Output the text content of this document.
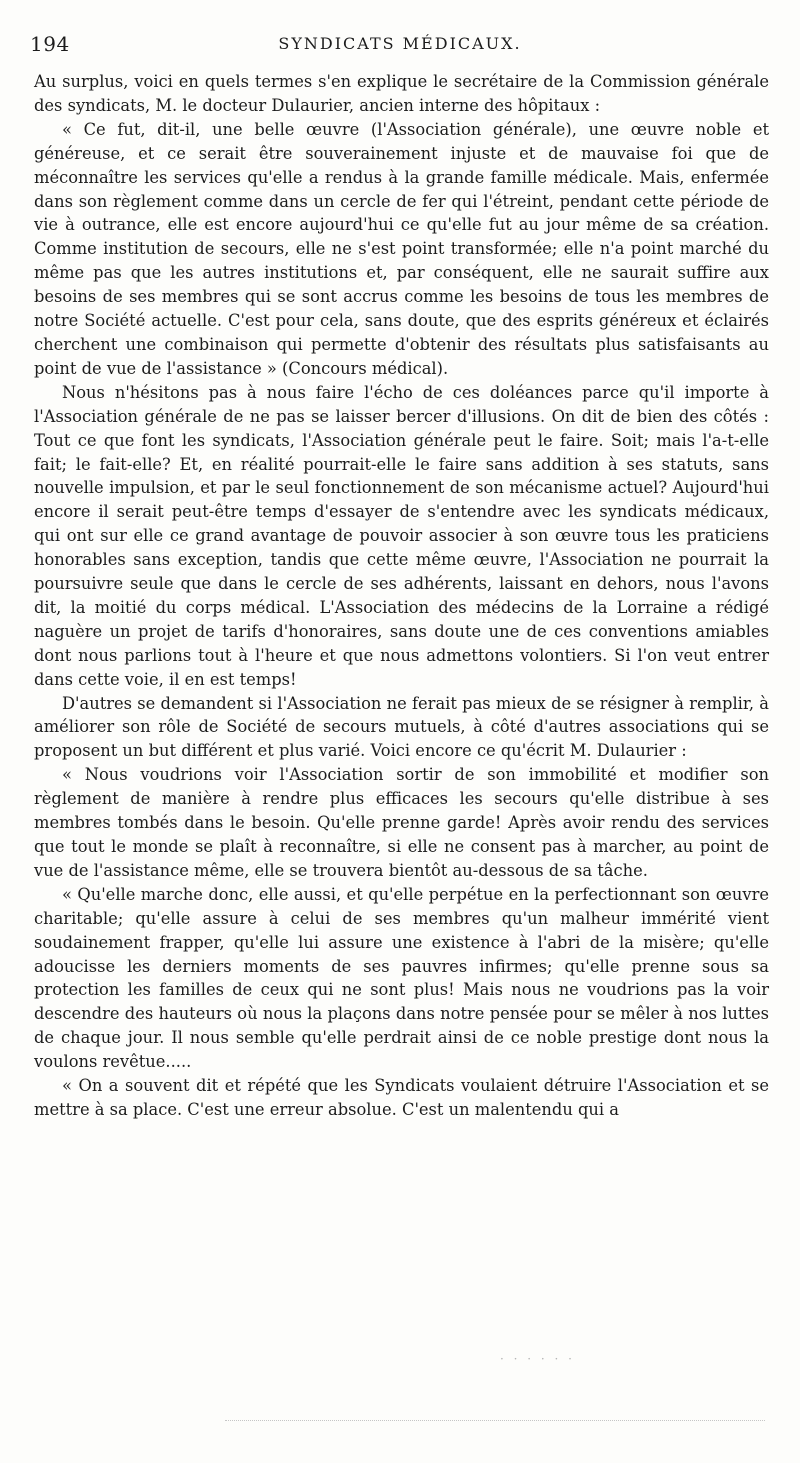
194	SYNDICATS MÉDICAUX.

Au surplus, voici en quels termes s'en explique le secrétaire de la Commission générale des syndicats, M. le docteur Dulaurier, ancien interne des hôpitaux :

« Ce fut, dit-il, une belle œuvre (l'Association générale), une œuvre noble et généreuse, et ce serait être souverainement injuste et de mauvaise foi que de méconnaître les services qu'elle a rendus à la grande famille médicale. Mais, enfermée dans son règlement comme dans un cercle de fer qui l'étreint, pendant cette période de vie à outrance, elle est encore aujourd'hui ce qu'elle fut au jour même de sa création. Comme institution de secours, elle ne s'est point transformée; elle n'a point marché du même pas que les autres institutions et, par conséquent, elle ne saurait suffire aux besoins de ses membres qui se sont accrus comme les besoins de tous les membres de notre Société actuelle. C'est pour cela, sans doute, que des esprits généreux et éclairés cherchent une combinaison qui permette d'obtenir des résultats plus satisfaisants au point de vue de l'assistance » (Concours médical).

Nous n'hésitons pas à nous faire l'écho de ces doléances parce qu'il importe à l'Association générale de ne pas se laisser bercer d'illusions. On dit de bien des côtés : Tout ce que font les syndicats, l'Association générale peut le faire. Soit; mais l'a-t-elle fait; le fait-elle? Et, en réalité pourrait-elle le faire sans addition à ses statuts, sans nouvelle impulsion, et par le seul fonctionnement de son mécanisme actuel? Aujourd'hui encore il serait peut-être temps d'essayer de s'entendre avec les syndicats médicaux, qui ont sur elle ce grand avantage de pouvoir associer à son œuvre tous les praticiens honorables sans exception, tandis que cette même œuvre, l'Association ne pourrait la poursuivre seule que dans le cercle de ses adhérents, laissant en dehors, nous l'avons dit, la moitié du corps médical. L'Association des médecins de la Lorraine a rédigé naguère un projet de tarifs d'honoraires, sans doute une de ces conventions amiables dont nous parlions tout à l'heure et que nous admettons volontiers. Si l'on veut entrer dans cette voie, il en est temps!

D'autres se demandent si l'Association ne ferait pas mieux de se résigner à remplir, à améliorer son rôle de Société de secours mutuels, à côté d'autres associations qui se proposent un but différent et plus varié. Voici encore ce qu'écrit M. Dulaurier :

« Nous voudrions voir l'Association sortir de son immobilité et modifier son règlement de manière à rendre plus efficaces les secours qu'elle distribue à ses membres tombés dans le besoin. Qu'elle prenne garde! Après avoir rendu des services que tout le monde se plaît à reconnaître, si elle ne consent pas à marcher, au point de vue de l'assistance même, elle se trouvera bientôt au-dessous de sa tâche.

« Qu'elle marche donc, elle aussi, et qu'elle perpétue en la perfectionnant son œuvre charitable; qu'elle assure à celui de ses membres qu'un malheur immérité vient soudainement frapper, qu'elle lui assure une existence à l'abri de la misère; qu'elle adoucisse les derniers moments de ses pauvres infirmes; qu'elle prenne sous sa protection les familles de ceux qui ne sont plus! Mais nous ne voudrions pas la voir descendre des hauteurs où nous la plaçons dans notre pensée pour se mêler à nos luttes de chaque jour. Il nous semble qu'elle perdrait ainsi de ce noble prestige dont nous la voulons revêtue.....

« On a souvent dit et répété que les Syndicats voulaient détruire l'Association et se mettre à sa place. C'est une erreur absolue. C'est un malentendu qui a

· · · · · ·
